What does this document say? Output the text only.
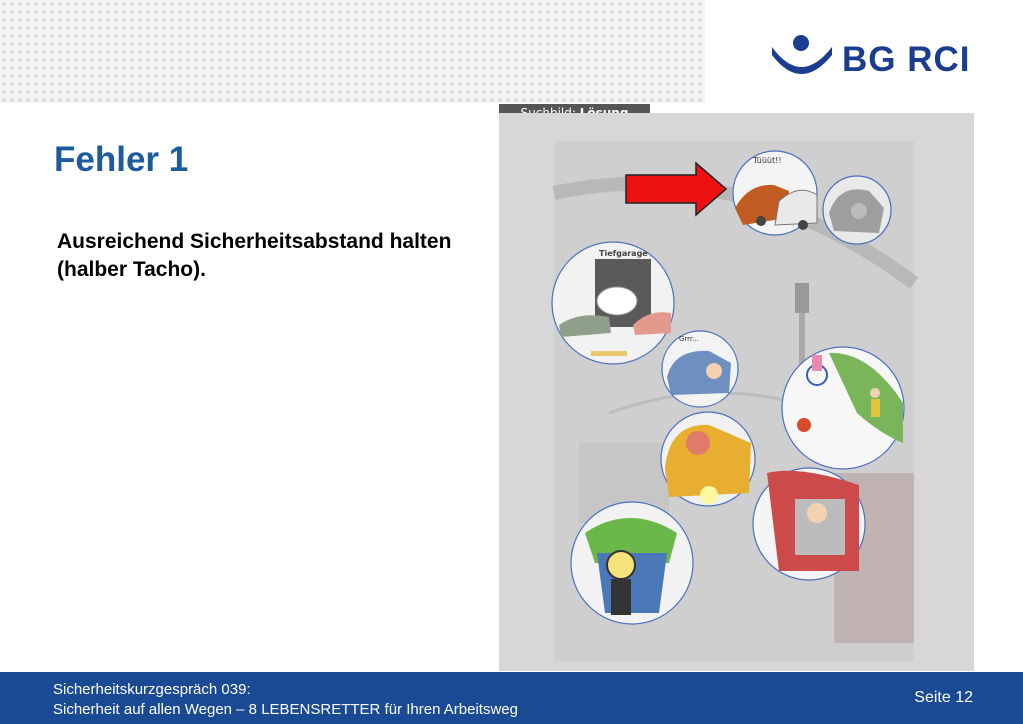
BG RCI
Fehler 1

Ausreichend Sicherheitsabstand halten (halber Tacho).

Tüüüt!!
Tiefgarage
Grrr...
Sicherheitskurzgespräch 039:
Sicherheit auf allen Wegen – 8 LEBENSRETTER für Ihren Arbeitsweg
Seite 12
